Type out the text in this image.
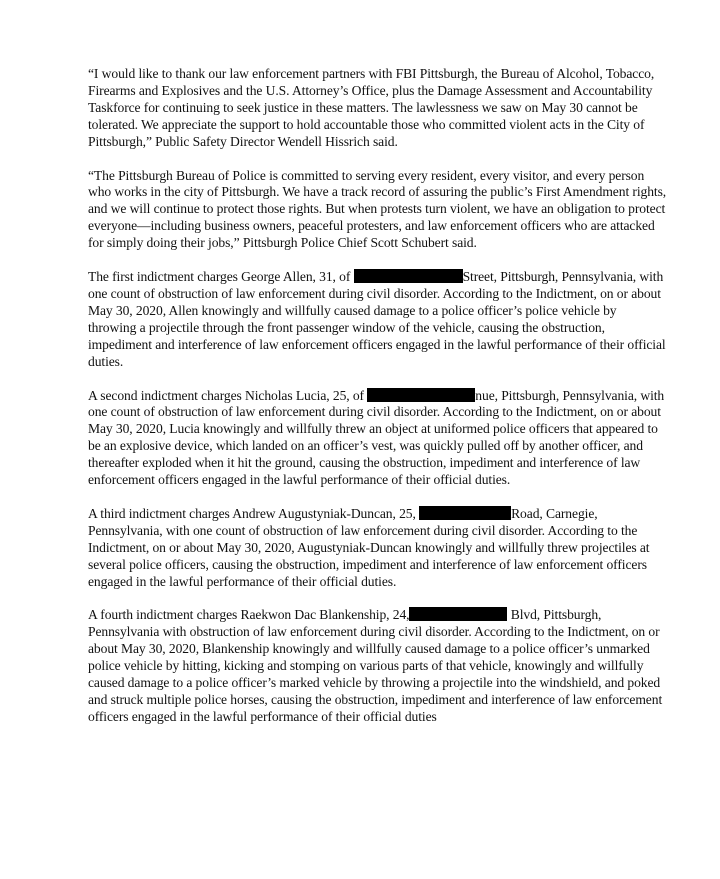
“I would like to thank our law enforcement partners with FBI Pittsburgh, the Bureau of Alcohol, Tobacco, Firearms and Explosives and the U.S. Attorney’s Office, plus the Damage Assessment and Accountability Taskforce for continuing to seek justice in these matters. The lawlessness we saw on May 30 cannot be tolerated. We appreciate the support to hold accountable those who committed violent acts in the City of Pittsburgh,” Public Safety Director Wendell Hissrich said.

“The Pittsburgh Bureau of Police is committed to serving every resident, every visitor, and every person who works in the city of Pittsburgh. We have a track record of assuring the public’s First Amendment rights, and we will continue to protect those rights. But when protests turn violent, we have an obligation to protect everyone—including business owners, peaceful protesters, and law enforcement officers who are attacked for simply doing their jobs,” Pittsburgh Police Chief Scott Schubert said.

The first indictment charges George Allen, 31, of	Street, Pittsburgh, Pennsylvania, with one count of obstruction of law enforcement during civil disorder. According to the Indictment, on or about May 30, 2020, Allen knowingly and willfully caused damage to a police officer’s police vehicle by throwing a projectile through the front passenger window of the vehicle, causing the obstruction, impediment and interference of law enforcement officers engaged in the lawful performance of their official duties.

A second indictment charges Nicholas Lucia, 25, of	nue, Pittsburgh, Pennsylvania, with one count of obstruction of law enforcement during civil disorder. According to the Indictment, on or about May 30, 2020, Lucia knowingly and willfully threw an object at uniformed police officers that appeared to be an explosive device, which landed on an officer’s vest, was quickly pulled off by another officer, and thereafter exploded when it hit the ground, causing the obstruction, impediment and interference of law enforcement officers engaged in the lawful performance of their official duties.

A third indictment charges Andrew Augustyniak-Duncan, 25,	Road, Carnegie, Pennsylvania, with one count of obstruction of law enforcement during civil disorder. According to the Indictment, on or about May 30, 2020, Augustyniak-Duncan knowingly and willfully threw projectiles at several police officers, causing the obstruction, impediment and interference of law enforcement officers engaged in the lawful performance of their official duties.

A fourth indictment charges Raekwon Dac Blankenship, 24,	Blvd, Pittsburgh, Pennsylvania with obstruction of law enforcement during civil disorder. According to the Indictment, on or about May 30, 2020, Blankenship knowingly and willfully caused damage to a police officer’s unmarked police vehicle by hitting, kicking and stomping on various parts of that vehicle, knowingly and willfully caused damage to a police officer’s marked vehicle by throwing a projectile into the windshield, and poked and struck multiple police horses, causing the obstruction, impediment and interference of law enforcement officers engaged in the lawful performance of their official duties
